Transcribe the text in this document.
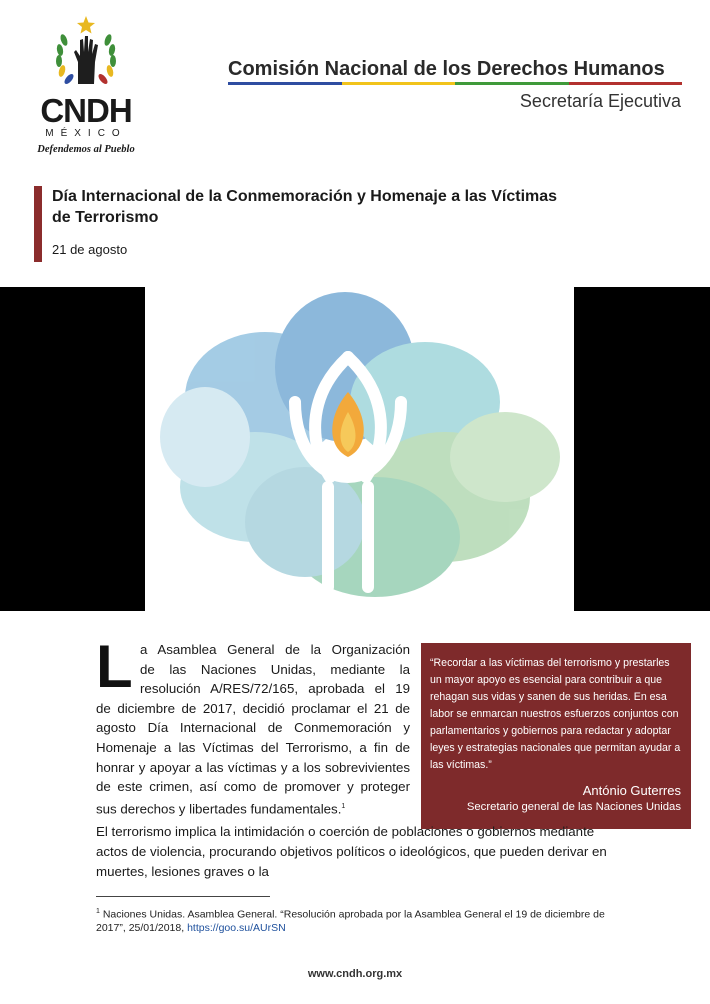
CNDH
MÉXICO
Defendemos al Pueblo
Comisión Nacional de los Derechos Humanos
Secretaría Ejecutiva
Día Internacional de la Conmemoración y Homenaje a las Víctimas
de Terrorismo
21 de agosto
L a Asamblea General de la Organización
de las Naciones Unidas, mediante la
resolución A/RES/72/165, aprobada el 19
de diciembre de 2017, decidió proclamar el 21 de
agosto Día Internacional de Conmemoración y
Homenaje a las Víctimas del Terrorismo, a fin de
honrar y apoyar a las víctimas y a los sobrevivientes
de este crimen, así como de promover y proteger
sus derechos y libertades fundamentales.$^1$
“Recordar a las víctimas del terrorismo y prestarles un mayor apoyo es esencial para contribuir a que rehagan sus vidas y sanen de sus heridas. En esa labor se enmarcan nuestros esfuerzos conjuntos con parlamentarios y gobiernos para redactar y adoptar leyes y estrategias nacionales que permitan ayudar a las víctimas.”
António Guterres
Secretario general de las Naciones Unidas
El terrorismo implica la intimidación o coerción de poblaciones o gobiernos mediante actos de violencia, procurando objetivos políticos o ideológicos, que pueden derivar en muertes, lesiones graves o la
$^1$ Naciones Unidas. Asamblea General. “Resolución aprobada por la Asamblea General el 19 de diciembre de 2017”, 25/01/2018, https://goo.su/AUrSN
www.cndh.org.mx
